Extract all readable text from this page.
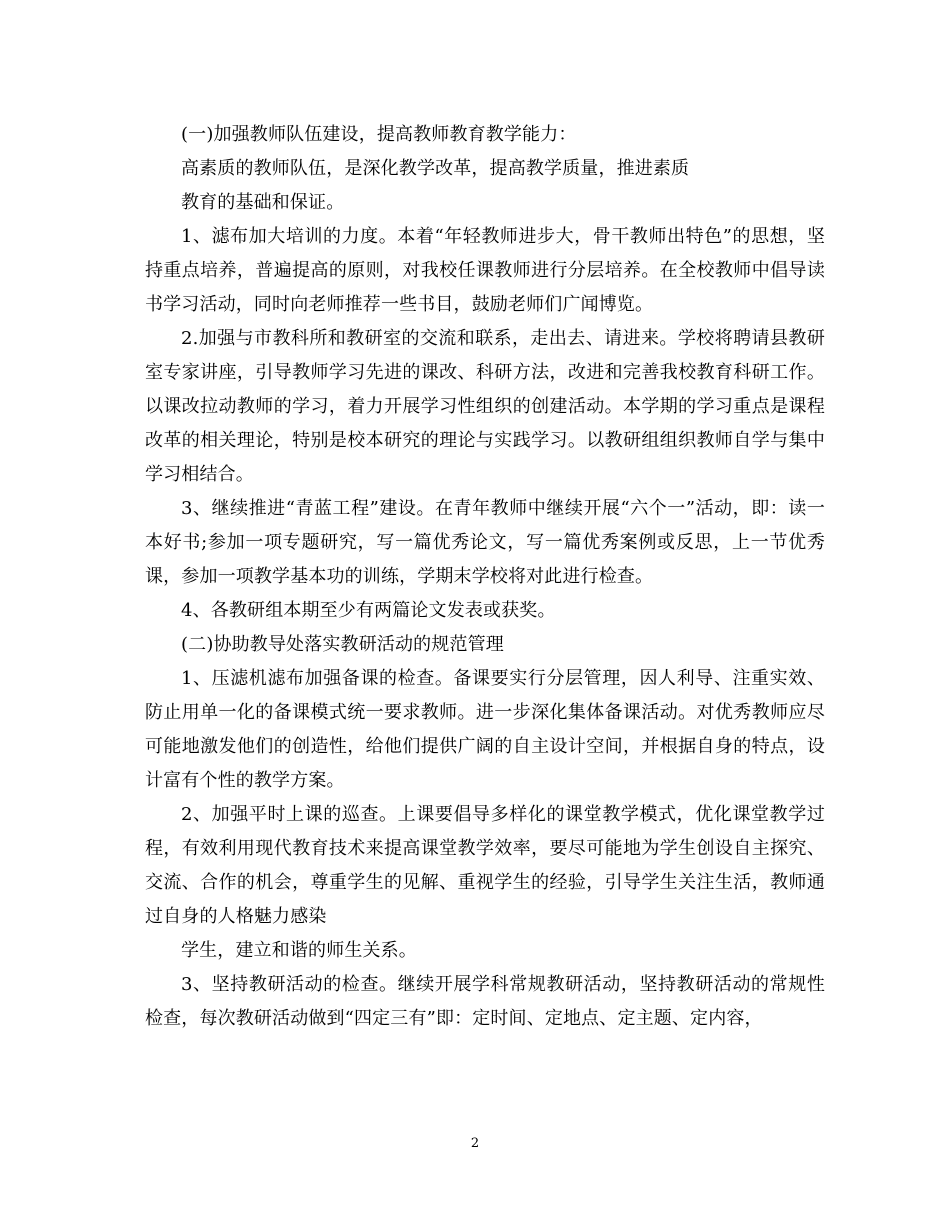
(一)加强教师队伍建设，提高教师教育教学能力：

高素质的教师队伍，是深化教学改革，提高教学质量，推进素质

教育的基础和保证。

1、滤布加大培训的力度。本着“年轻教师进步大，骨干教师出特色”的思想，坚持重点培养，普遍提高的原则，对我校任课教师进行分层培养。在全校教师中倡导读书学习活动，同时向老师推荐一些书目，鼓励老师们广闻博览。

2.加强与市教科所和教研室的交流和联系，走出去、请进来。学校将聘请县教研室专家讲座，引导教师学习先进的课改、科研方法，改进和完善我校教育科研工作。以课改拉动教师的学习，着力开展学习性组织的创建活动。本学期的学习重点是课程改革的相关理论，特别是校本研究的理论与实践学习。以教研组组织教师自学与集中学习相结合。

3、继续推进“青蓝工程”建设。在青年教师中继续开展“六个一”活动，即：读一本好书;参加一项专题研究，写一篇优秀论文，写一篇优秀案例或反思，上一节优秀课，参加一项教学基本功的训练，学期末学校将对此进行检查。

4、各教研组本期至少有两篇论文发表或获奖。

(二)协助教导处落实教研活动的规范管理

1、压滤机滤布加强备课的检查。备课要实行分层管理，因人利导、注重实效、防止用单一化的备课模式统一要求教师。进一步深化集体备课活动。对优秀教师应尽可能地激发他们的创造性，给他们提供广阔的自主设计空间，并根据自身的特点，设计富有个性的教学方案。

2、加强平时上课的巡查。上课要倡导多样化的课堂教学模式，优化课堂教学过程，有效利用现代教育技术来提高课堂教学效率，要尽可能地为学生创设自主探究、交流、合作的机会，尊重学生的见解、重视学生的经验，引导学生关注生活，教师通过自身的人格魅力感染

学生，建立和谐的师生关系。

3、坚持教研活动的检查。继续开展学科常规教研活动，坚持教研活动的常规性检查，每次教研活动做到“四定三有”即：定时间、定地点、定主题、定内容，

2
